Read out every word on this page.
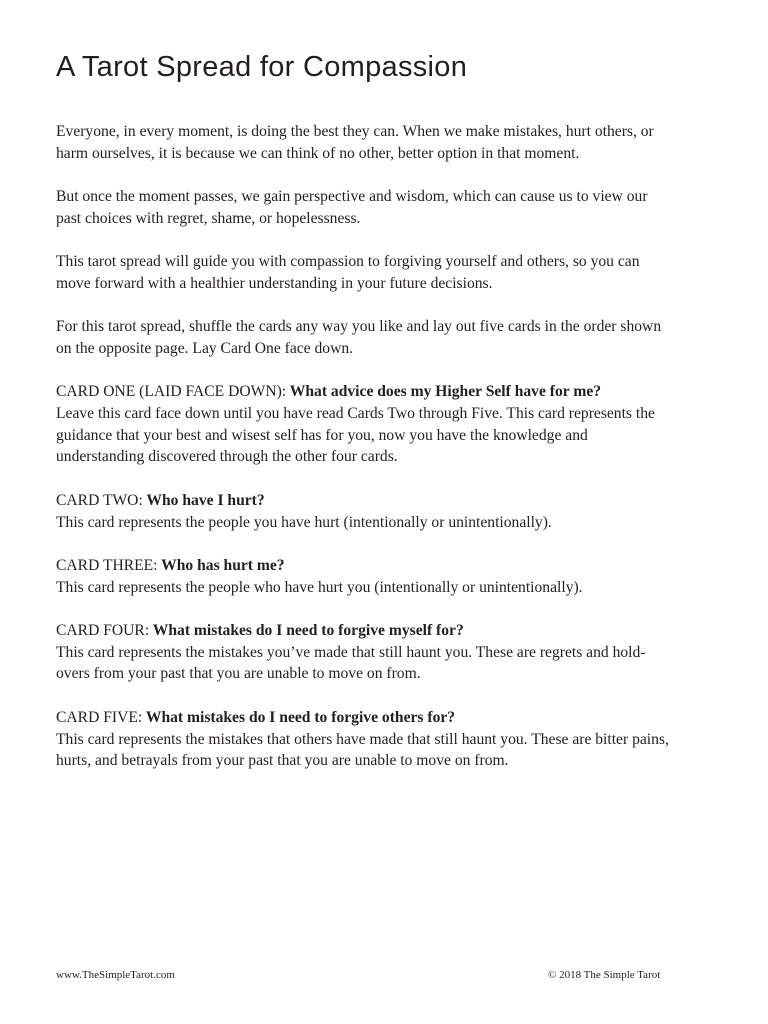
A Tarot Spread for Compassion

Everyone, in every moment, is doing the best they can. When we make mistakes, hurt others, or harm ourselves, it is because we can think of no other, better option in that moment.

But once the moment passes, we gain perspective and wisdom, which can cause us to view our past choices with regret, shame, or hopelessness.

This tarot spread will guide you with compassion to forgiving yourself and others, so you can move forward with a healthier understanding in your future decisions.

For this tarot spread, shuffle the cards any way you like and lay out five cards in the order shown on the opposite page. Lay Card One face down.

CARD ONE (LAID FACE DOWN): What advice does my Higher Self have for me?
Leave this card face down until you have read Cards Two through Five. This card represents the guidance that your best and wisest self has for you, now you have the knowledge and understanding discovered through the other four cards.
CARD TWO: Who have I hurt?
This card represents the people you have hurt (intentionally or unintentionally).
CARD THREE: Who has hurt me?
This card represents the people who have hurt you (intentionally or unintentionally).
CARD FOUR: What mistakes do I need to forgive myself for?
This card represents the mistakes you’ve made that still haunt you. These are regrets and hold-overs from your past that you are unable to move on from.
CARD FIVE: What mistakes do I need to forgive others for?
This card represents the mistakes that others have made that still haunt you. These are bitter pains, hurts, and betrayals from your past that you are unable to move on from.
www.TheSimpleTarot.com	© 2018 The Simple Tarot
